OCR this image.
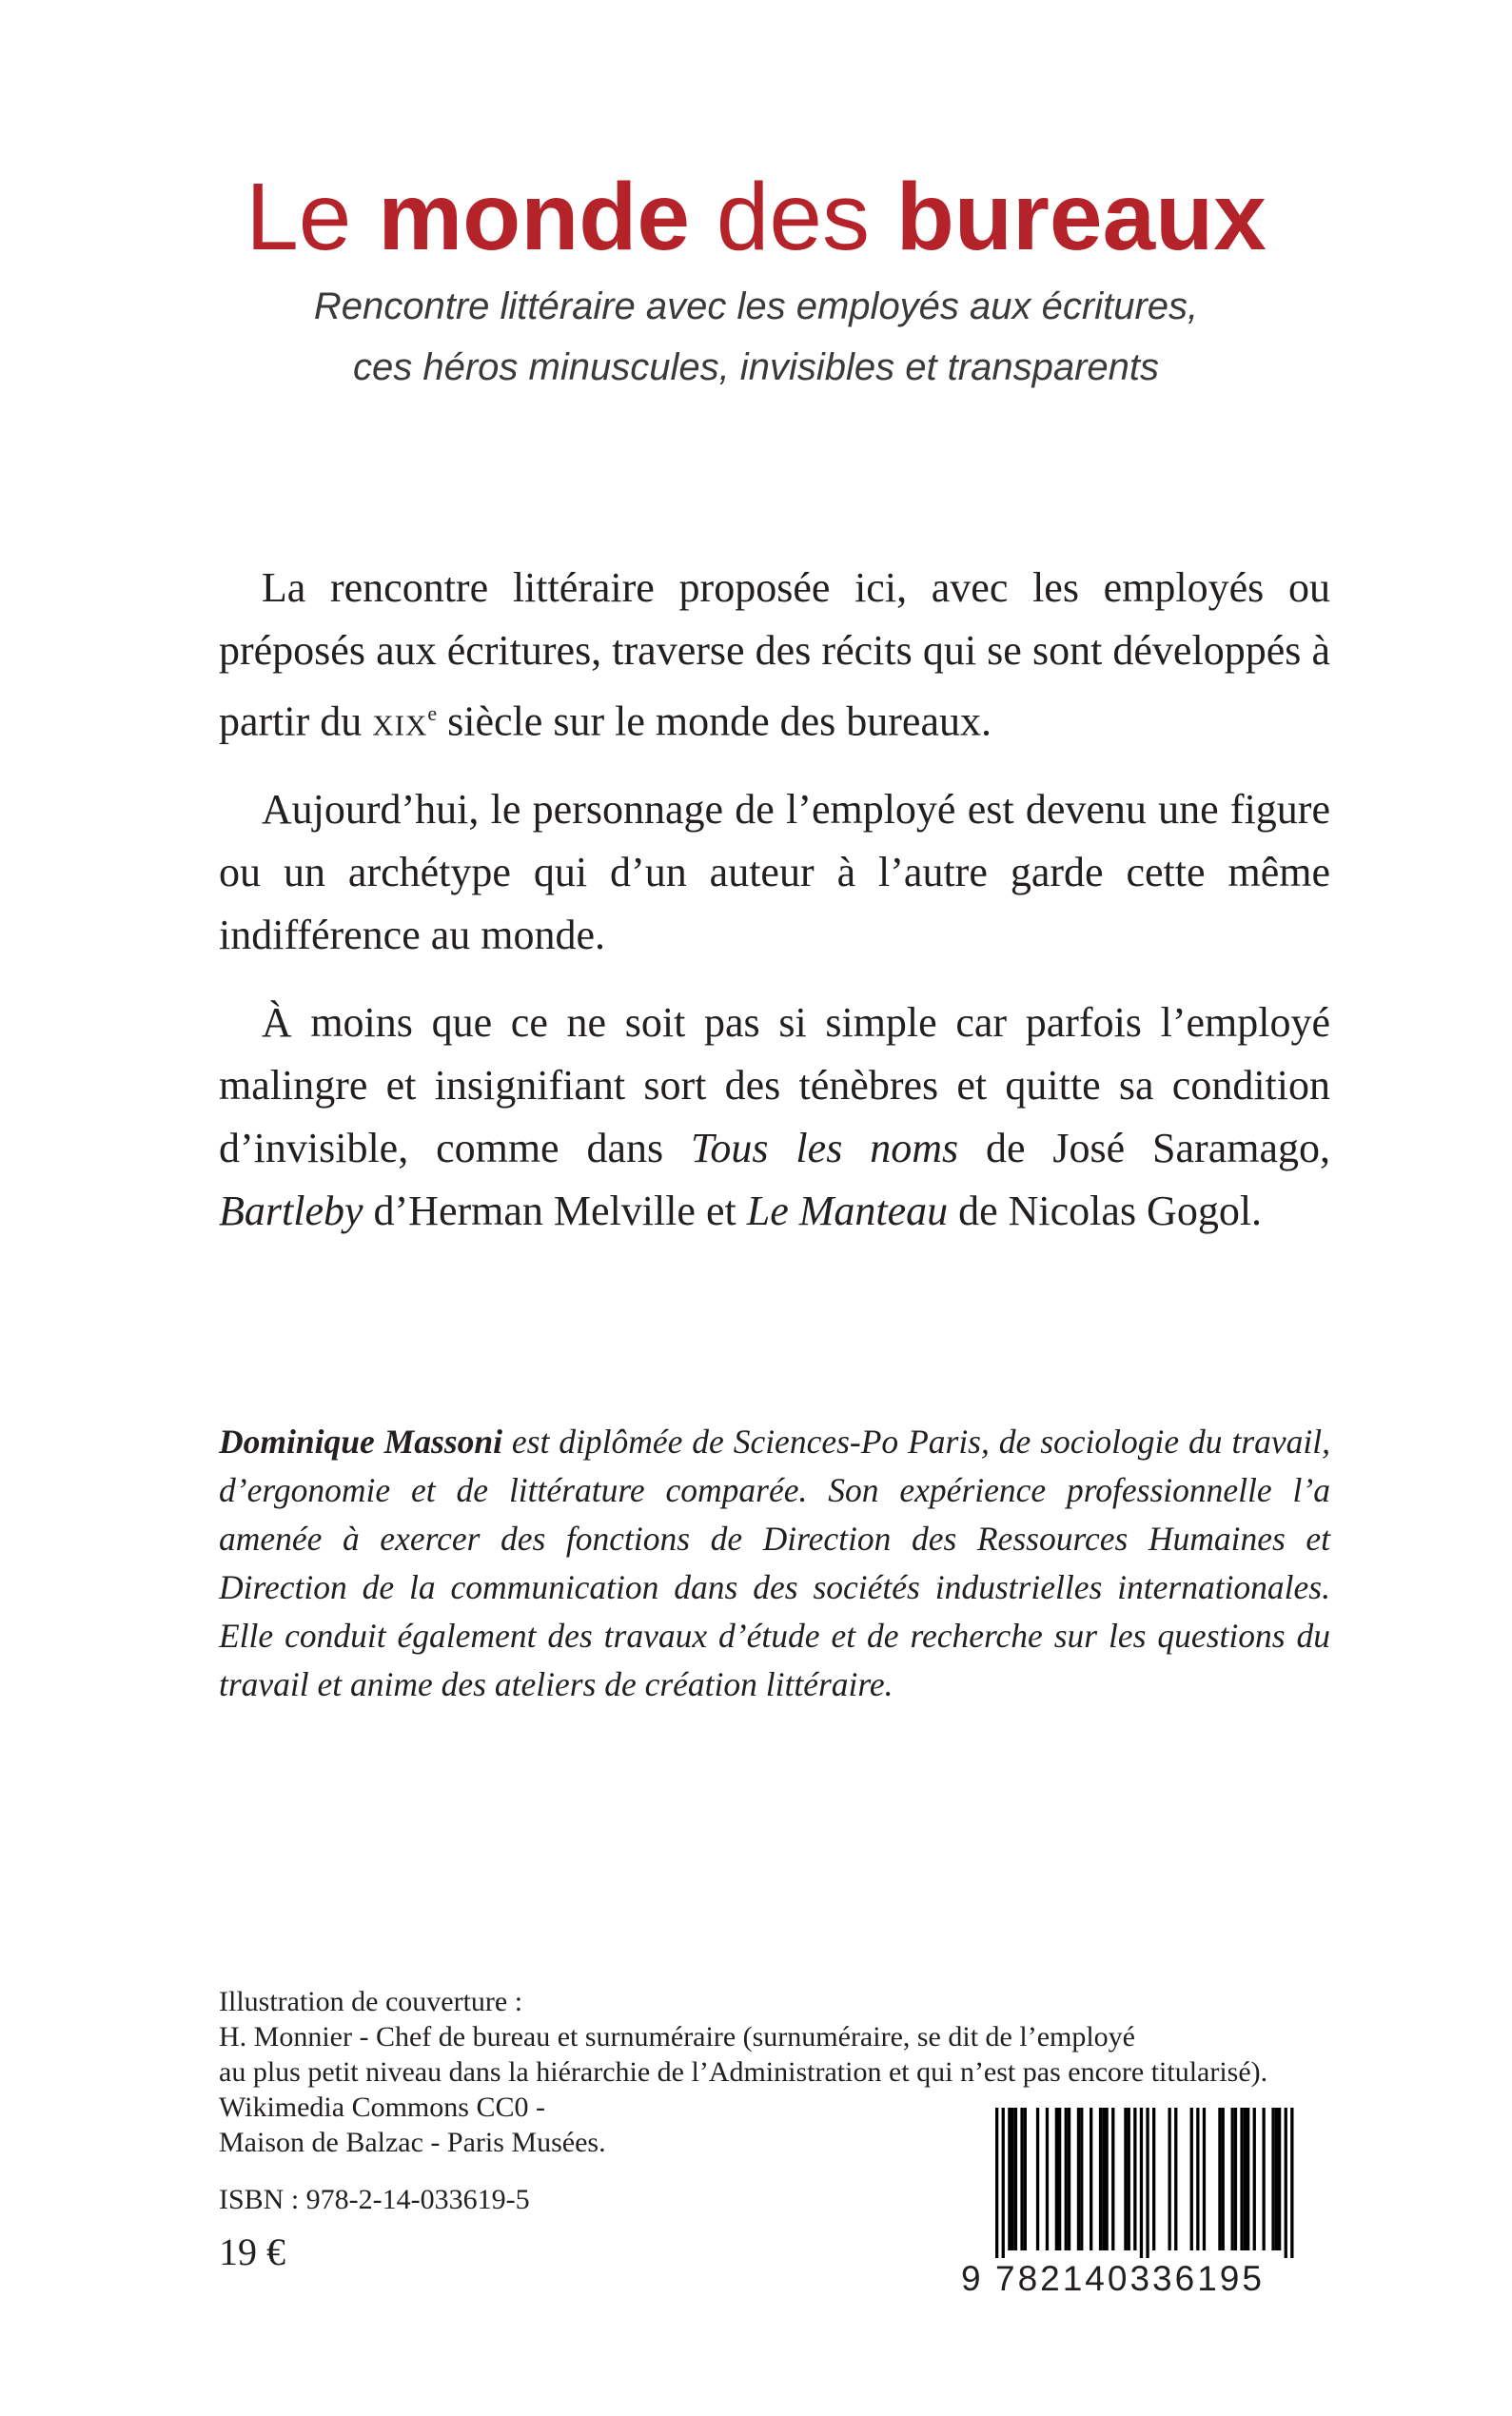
Le monde des bureaux
Rencontre littéraire avec les employés aux écritures,
ces héros minuscules, invisibles et transparents

La rencontre littéraire proposée ici, avec les employés ou préposés aux écritures, traverse des récits qui se sont développés à partir du xix$^e$ siècle sur le monde des bureaux.

Aujourd’hui, le personnage de l’employé est devenu une figure ou un archétype qui d’un auteur à l’autre garde cette même indifférence au monde.

À moins que ce ne soit pas si simple car parfois l’employé malingre et insignifiant sort des ténèbres et quitte sa condition d’invisible, comme dans Tous les noms de José Saramago, Bartleby d’Herman Melville et Le Manteau de Nicolas Gogol.

Dominique Massoni est diplômée de Sciences-Po Paris, de sociologie du travail, d’ergonomie et de littérature comparée. Son expérience professionnelle l’a amenée à exercer des fonctions de Direction des Ressources Humaines et Direction de la communication dans des sociétés industrielles internationales. Elle conduit également des travaux d’étude et de recherche sur les questions du travail et anime des ateliers de création littéraire.
Illustration de couverture :
H. Monnier - Chef de bureau et surnuméraire (surnuméraire, se dit de l’employé
au plus petit niveau dans la hiérarchie de l’Administration et qui n’est pas encore titularisé).
Wikimedia Commons CC0 -
Maison de Balzac - Paris Musées.
ISBN : 978-2-14-033619-5
19 €
9 782140336195
